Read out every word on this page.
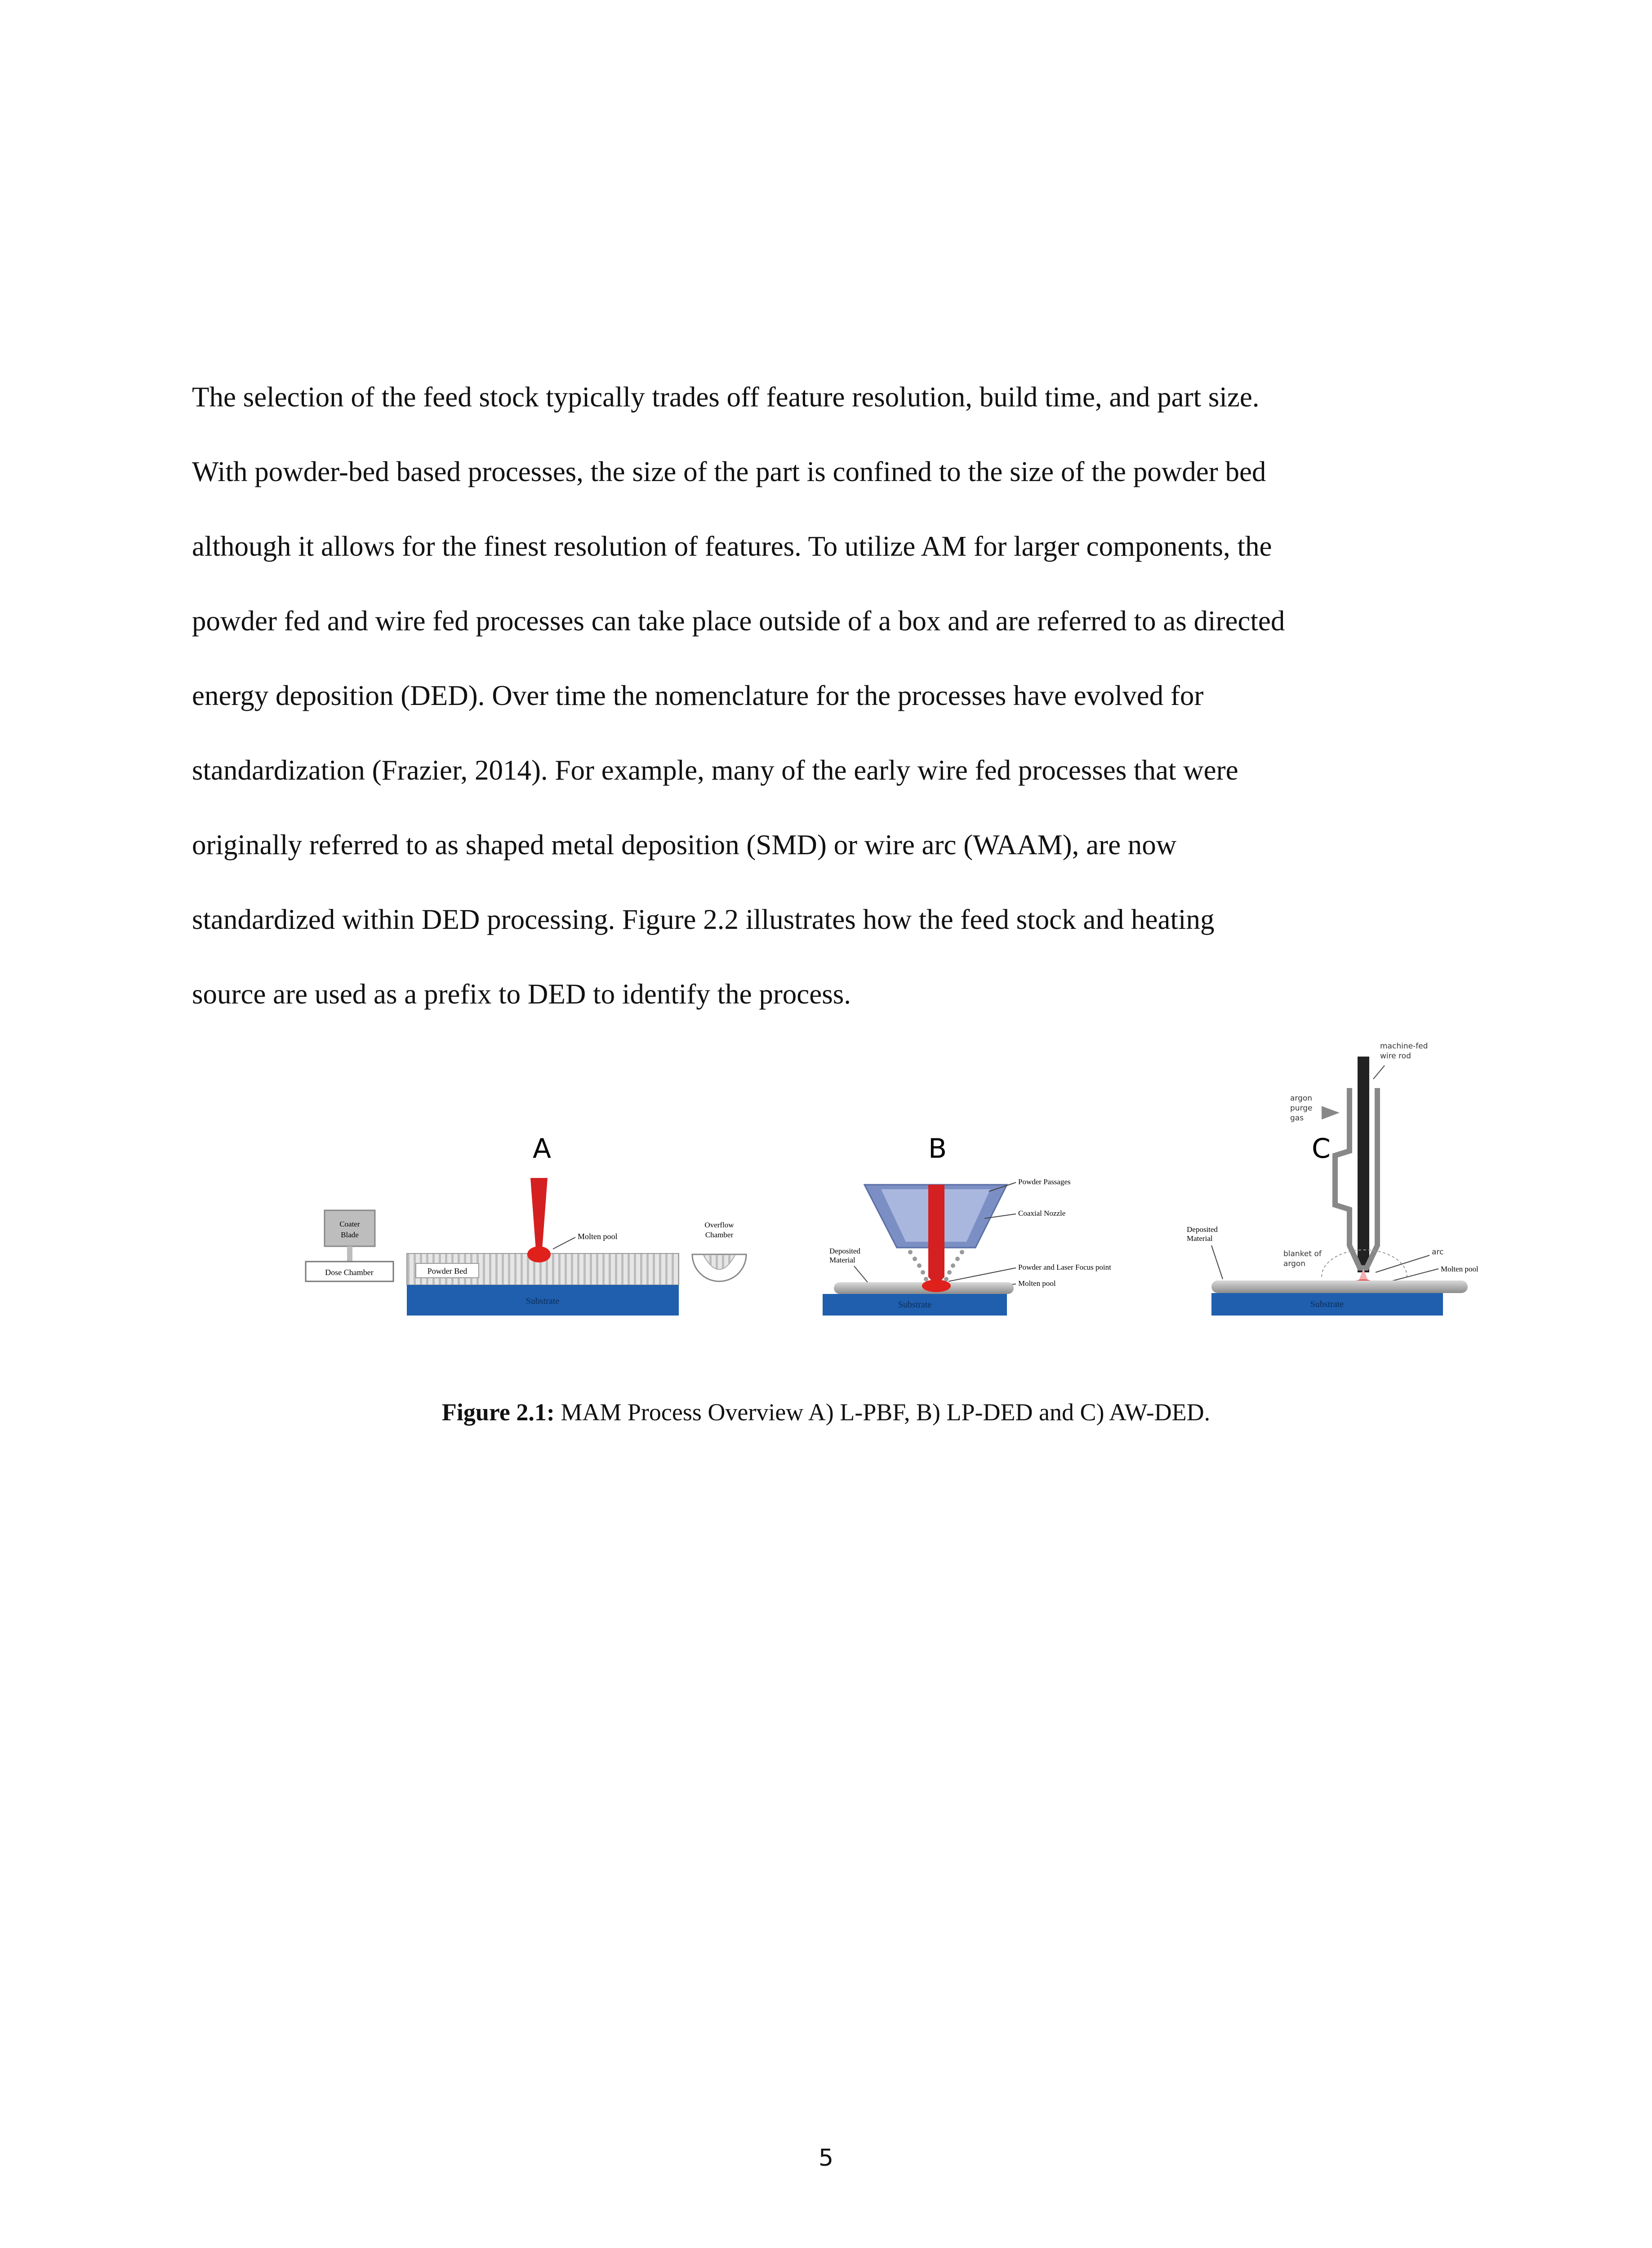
The selection of the feed stock typically trades off feature resolution, build time, and part size.
With powder-bed based processes, the size of the part is confined to the size of the powder bed
although it allows for the finest resolution of features. To utilize AM for larger components, the
powder fed and wire fed processes can take place outside of a box and are referred to as directed
energy deposition (DED). Over time the nomenclature for the processes have evolved for
standardization (Frazier, 2014). For example, many of the early wire fed processes that were
originally referred to as shaped metal deposition (SMD) or wire arc (WAAM), are now
standardized within DED processing. Figure 2.2 illustrates how the feed stock and heating
source are used as a prefix to DED to identify the process.
A
Coater
Blade
Dose Chamber	Powder Bed
Substrate
Molten pool
Overflow
Chamber
B
Powder Passages
Coaxial Nozzle
Powder and Laser Focus point
Molten pool
Deposited
Material
Substrate
C
machine-fed
wire rod
argon
purge
gas
Deposited
Material
blanket of
argon
arc
Molten pool
Substrate
Figure 2.1: MAM Process Overview A) L-PBF, B) LP-DED and C) AW-DED.
5
